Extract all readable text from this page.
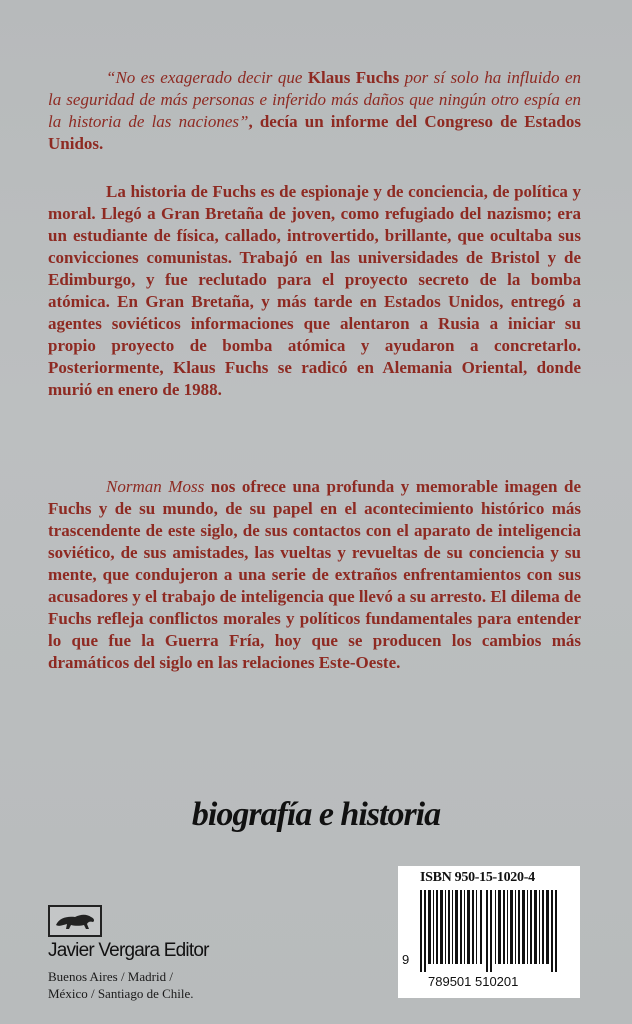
“No es exagerado decir que Klaus Fuchs por sí solo ha influido en la seguridad de más personas e inferido más daños que ningún otro espía en la historia de las naciones”, decía un informe del Congreso de Estados Unidos.
La historia de Fuchs es de espionaje y de conciencia, de política y moral. Llegó a Gran Bretaña de joven, como refugiado del nazismo; era un estudiante de física, callado, introvertido, brillante, que ocultaba sus convicciones comunistas. Trabajó en las universidades de Bristol y de Edimburgo, y fue reclutado para el proyecto secreto de la bomba atómica. En Gran Bretaña, y más tarde en Estados Unidos, entregó a agentes soviéticos informaciones que alentaron a Rusia a iniciar su propio proyecto de bomba atómica y ayudaron a concretarlo. Posteriormente, Klaus Fuchs se radicó en Alemania Oriental, donde murió en enero de 1988.
Norman Moss nos ofrece una profunda y memorable imagen de Fuchs y de su mundo, de su papel en el acontecimiento histórico más trascendente de este siglo, de sus contactos con el aparato de inteligencia soviético, de sus amistades, las vueltas y revueltas de su conciencia y su mente, que condujeron a una serie de extraños enfrentamientos con sus acusadores y el trabajo de inteligencia que llevó a su arresto. El dilema de Fuchs refleja conflictos morales y políticos fundamentales para entender lo que fue la Guerra Fría, hoy que se producen los cambios más dramáticos del siglo en las relaciones Este-Oeste.
biografía e historia
Javier Vergara Editor
Buenos Aires / Madrid /
México / Santiago de Chile.
ISBN 950-15-1020-4
9
789501 510201
